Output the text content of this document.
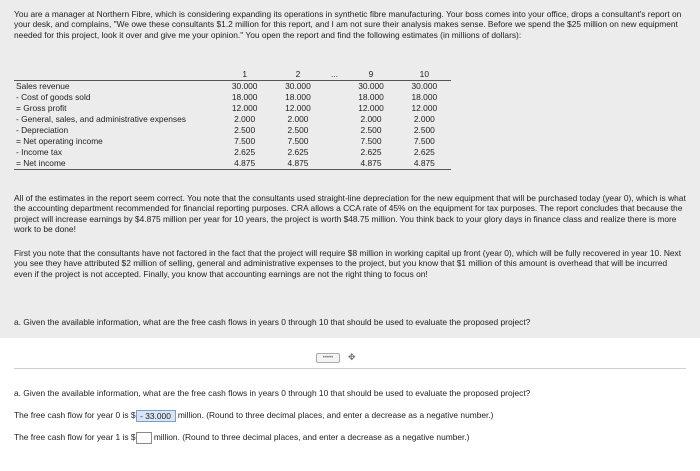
You are a manager at Northern Fibre, which is considering expanding its operations in synthetic fibre manufacturing. Your boss comes into your office, drops a consultant's report on your desk, and complains, "We owe these consultants $1.2 million for this report, and I am not sure their analysis makes sense. Before we spend the $25 million on new equipment needed for this project, look it over and give me your opinion." You open the report and find the following estimates (in millions of dollars):
	1	2	...	9	10
Sales revenue	30.000	30.000		30.000	30.000
- Cost of goods sold	18.000	18.000		18.000	18.000
= Gross profit	12.000	12.000		12.000	12.000
- General, sales, and administrative expenses	2.000	2.000		2.000	2.000
- Depreciation	2.500	2.500		2.500	2.500
= Net operating income	7.500	7.500		7.500	7.500
- Income tax	2.625	2.625		2.625	2.625
= Net income	4.875	4.875		4.875	4.875
All of the estimates in the report seem correct. You note that the consultants used straight-line depreciation for the new equipment that will be purchased today (year 0), which is what the accounting department recommended for financial reporting purposes. CRA allows a CCA rate of 45% on the equipment for tax purposes. The report concludes that because the project will increase earnings by $4.875 million per year for 10 years, the project is worth $48.75 million. You think back to your glory days in finance class and realize there is more work to be done!
First you note that the consultants have not factored in the fact that the project will require $8 million in working capital up front (year 0), which will be fully recovered in year 10. Next you see they have attributed $2 million of selling, general and administrative expenses to the project, but you know that $1 million of this amount is overhead that will be incurred even if the project is not accepted. Finally, you know that accounting earnings are not the right thing to focus on!
a. Given the available information, what are the free cash flows in years 0 through 10 that should be used to evaluate the proposed project?
•••••	✥
a. Given the available information, what are the free cash flows in years 0 through 10 that should be used to evaluate the proposed project?
The free cash flow for year 0 is $ - 33.000 million. (Round to three decimal places, and enter a decrease as a negative number.)
The free cash flow for year 1 is $ million. (Round to three decimal places, and enter a decrease as a negative number.)
